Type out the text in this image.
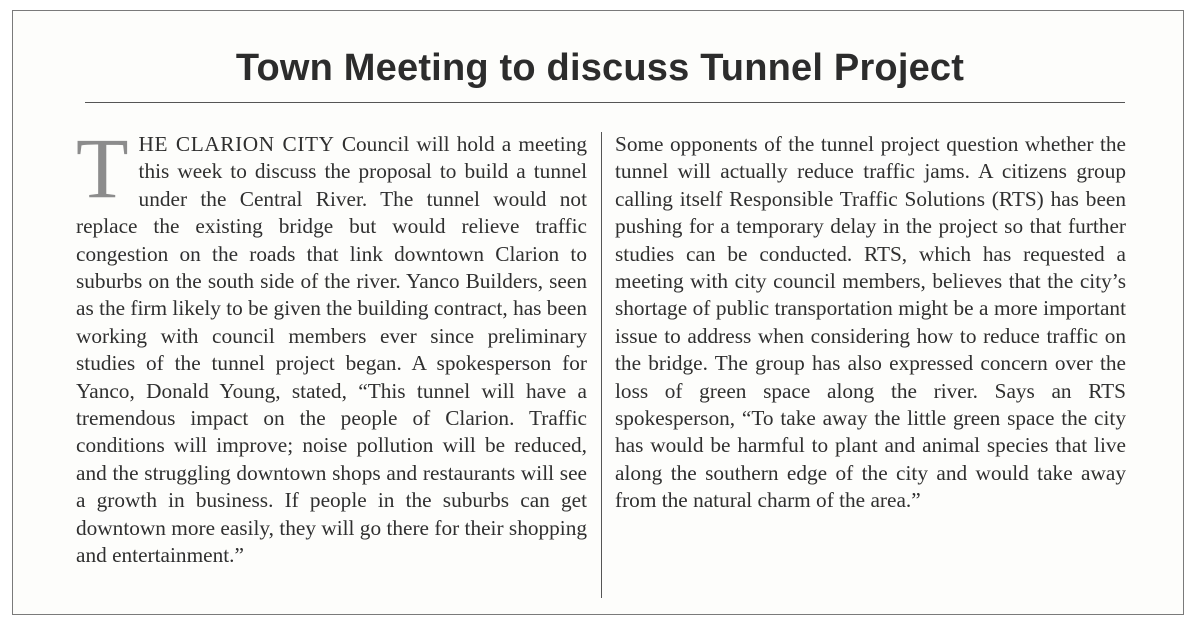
Town Meeting to discuss Tunnel Project

THE CLARION CITY Council will hold a meeting this week to discuss the proposal to build a tunnel under the Central River. The tunnel would not replace the existing bridge but would relieve traffic congestion on the roads that link downtown Clarion to suburbs on the south side of the river. Yanco Builders, seen as the firm likely to be given the building contract, has been working with council members ever since preliminary studies of the tunnel project began. A spokesperson for Yanco, Donald Young, stated, “This tunnel will have a tremendous impact on the people of Clarion. Traffic conditions will improve; noise pollution will be reduced, and the struggling downtown shops and restaurants will see a growth in business. If people in the suburbs can get downtown more easily, they will go there for their shopping and entertainment.”

Some opponents of the tunnel project question whether the tunnel will actually reduce traffic jams. A citizens group calling itself Responsible Traffic Solutions (RTS) has been pushing for a temporary delay in the project so that further studies can be conducted. RTS, which has requested a meeting with city council members, believes that the city’s shortage of public transportation might be a more important issue to address when considering how to reduce traffic on the bridge. The group has also expressed concern over the loss of green space along the river. Says an RTS spokesperson, “To take away the little green space the city has would be harmful to plant and animal species that live along the southern edge of the city and would take away from the natural charm of the area.”
